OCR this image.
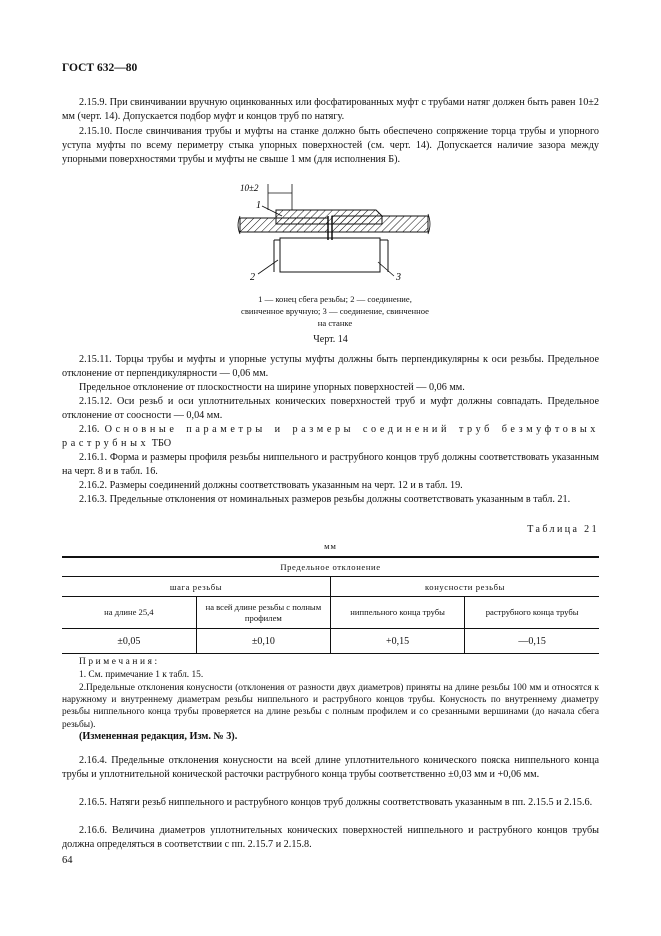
ГОСТ 632—80

2.15.9. При свинчивании вручную оцинкованных или фосфатированных муфт с трубами натяг должен быть равен 10±2 мм (черт. 14). Допускается подбор муфт и концов труб по натягу.

2.15.10. После свинчивания трубы и муфты на станке должно быть обеспечено сопряжение торца трубы и упорного уступа муфты по всему периметру стыка упорных поверхностей (см. черт. 14). Допускается наличие зазора между упорными поверхностями трубы и муфты не свыше 1 мм (для исполнения Б).

10±2
1
2	3
1 — конец сбега резьбы; 2 — соединение, свинченное вручную; 3 — соединение, свинченное на станке
Черт. 14

2.15.11. Торцы трубы и муфты и упорные уступы муфты должны быть перпендикулярны к оси резьбы. Предельное отклонение от перпендикулярности — 0,06 мм.

Предельное отклонение от плоскостности на ширине упорных поверхностей — 0,06 мм.

2.15.12. Оси резьб и оси уплотнительных конических поверхностей труб и муфт должны совпадать. Предельное отклонение от соосности — 0,04 мм.

2.16. Основные параметры и размеры соединений труб безмуфтовых раструбных ТБО

2.16.1. Форма и размеры профиля резьбы ниппельного и раструбного концов труб должны соответствовать указанным на черт. 8 и в табл. 16.

2.16.2. Размеры соединений должны соответствовать указанным на черт. 12 и в табл. 19.

2.16.3. Предельные отклонения от номинальных размеров резьбы должны соответствовать указанным в табл. 21.

Таблица 21
мм
Предельное отклонение			
шага резьбы		конусности резьбы	
на длине 25,4	на всей длине резьбы с полным профилем	ниппельного конца трубы	раструбного конца трубы
±0,05	±0,10	+0,15	—0,15

Примечания:

1. См. примечание 1 к табл. 15.

2.Предельные отклонения конусности (отклонения от разности двух диаметров) приняты на длине резьбы 100 мм и относятся к наружному и внутреннему диаметрам резьбы ниппельного и раструбного концов трубы. Конусность по внутреннему диаметру резьбы ниппельного конца трубы проверяется на длине резьбы с полным профилем и со срезанными вершинами (до начала сбега резьбы).

(Измененная редакция, Изм. № 3).

2.16.4. Предельные отклонения конусности на всей длине уплотнительного конического пояска ниппельного конца трубы и уплотнительной конической расточки раструбного конца трубы соответственно ±0,03 мм и +0,06 мм.

2.16.5. Натяги резьб ниппельного и раструбного концов труб должны соответствовать указанным в пп. 2.15.5 и 2.15.6.

2.16.6. Величина диаметров уплотнительных конических поверхностей ниппельного и раструбного концов трубы должна определяться в соответствии с пп. 2.15.7 и 2.15.8.

64
